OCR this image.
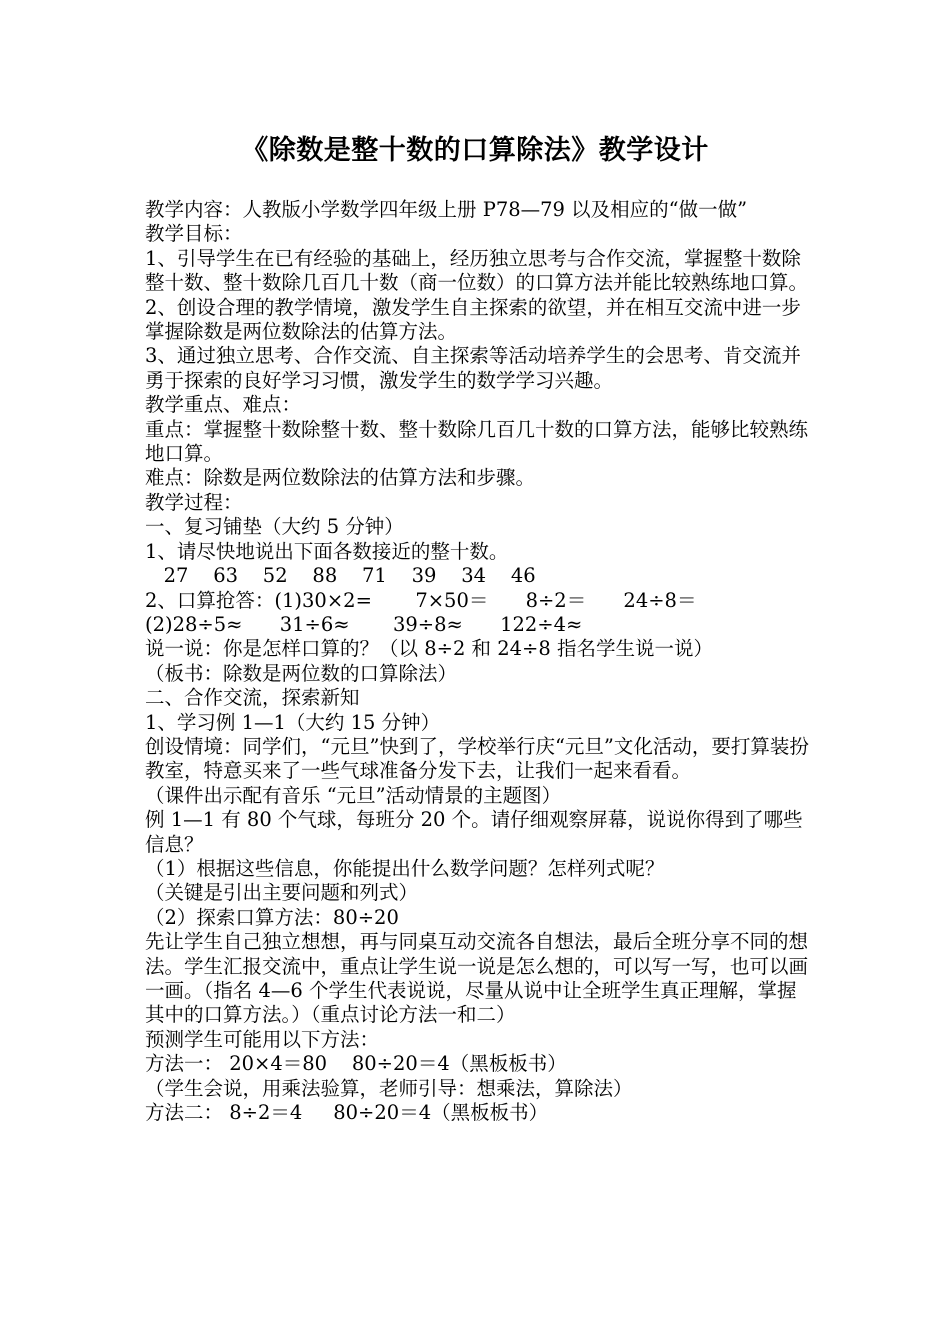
《除数是整十数的口算除法》教学设计

教学内容：人教版小学数学四年级上册 P78—79 以及相应的“做一做”

教学目标：

1、引导学生在已有经验的基础上，经历独立思考与合作交流，掌握整十数除整十数、整十数除几百几十数（商一位数）的口算方法并能比较熟练地口算。

2、创设合理的教学情境，激发学生自主探索的欲望，并在相互交流中进一步掌握除数是两位数除法的估算方法。

3、通过独立思考、合作交流、自主探索等活动培养学生的会思考、肯交流并勇于探索的良好学习习惯，激发学生的数学学习兴趣。

教学重点、难点：

重点：掌握整十数除整十数、整十数除几百几十数的口算方法，能够比较熟练地口算。

难点：除数是两位数除法的估算方法和步骤。

教学过程：

一、复习铺垫（大约 5 分钟）

1、请尽快地说出下面各数接近的整十数。

27    63    52    88    71    39    34    46

2、口算抢答：(1)30×2=       7×50＝      8÷2＝      24÷8＝

(2)28÷5≈      31÷6≈       39÷8≈      122÷4≈

说一说：你是怎样口算的？（以 8÷2 和 24÷8 指名学生说一说）

（板书：除数是两位数的口算除法）

二、合作交流，探索新知

1、学习例 1—1（大约 15 分钟）

创设情境：同学们，“元旦”快到了，学校举行庆“元旦”文化活动，要打算装扮教室，特意买来了一些气球准备分发下去，让我们一起来看看。

（课件出示配有音乐 “元旦”活动情景的主题图）

例 1—1 有 80 个气球，每班分 20 个。请仔细观察屏幕，说说你得到了哪些信息？

（1）根据这些信息，你能提出什么数学问题？怎样列式呢？

（关键是引出主要问题和列式）

（2）探索口算方法：80÷20

先让学生自己独立想想，再与同桌互动交流各自想法，最后全班分享不同的想法。学生汇报交流中，重点让学生说一说是怎么想的，可以写一写，也可以画一画。（指名 4—6 个学生代表说说，尽量从说中让全班学生真正理解，掌握其中的口算方法。）（重点讨论方法一和二）

预测学生可能用以下方法：

方法一： 20×4＝80    80÷20＝4（黑板板书）

（学生会说，用乘法验算，老师引导：想乘法，算除法）

方法二： 8÷2＝4     80÷20＝4（黑板板书）
